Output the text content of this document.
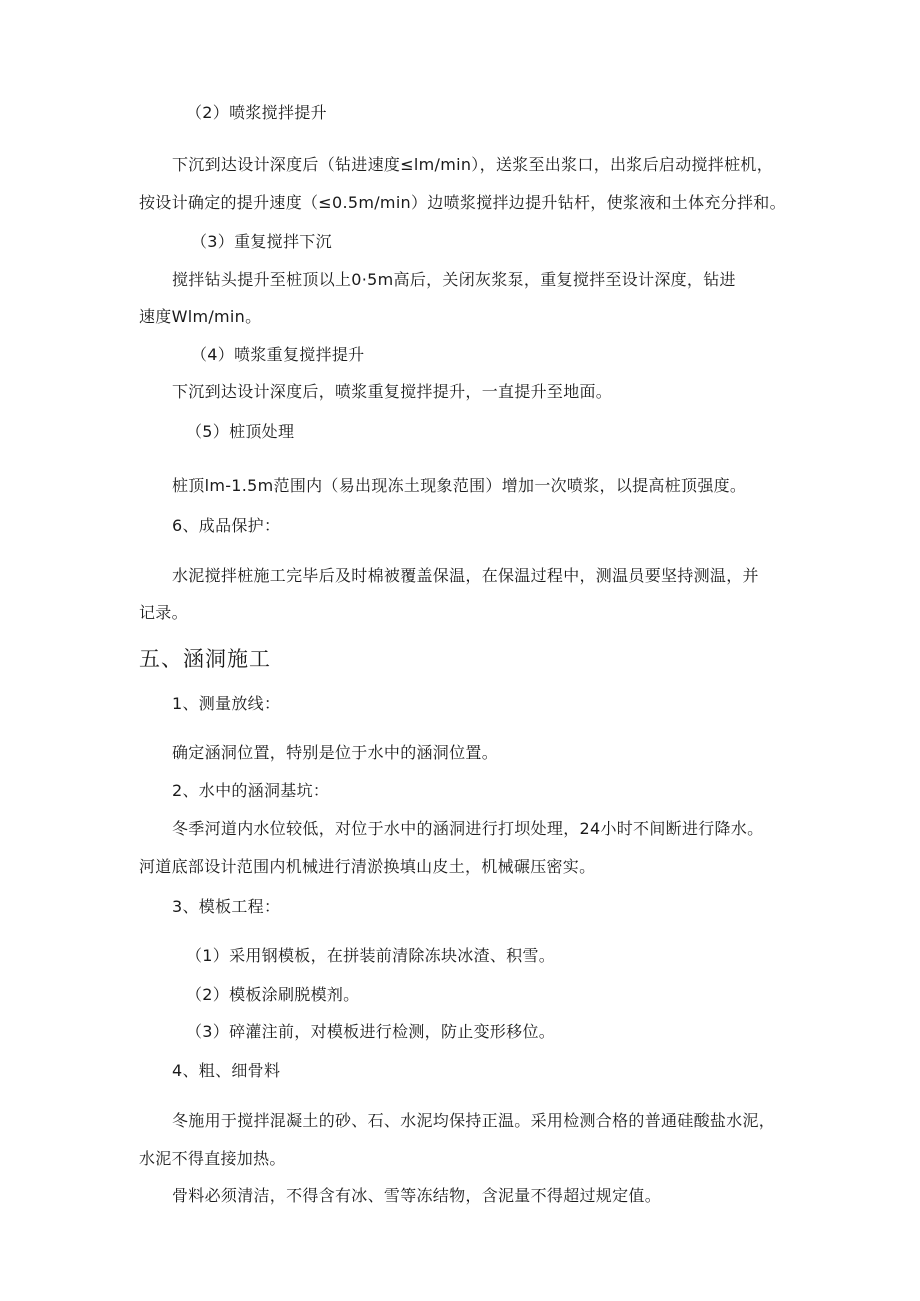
（2）喷浆搅拌提升
下沉到达设计深度后（钻进速度≤lm∕min），送浆至出浆口，出浆后启动搅拌桩机，
按设计确定的提升速度（≤0.5m∕min）边喷浆搅拌边提升钻杆，使浆液和土体充分拌和。
（3）重复搅拌下沉
搅拌钻头提升至桩顶以上0·5m高后，关闭灰浆泵，重复搅拌至设计深度，钻进
速度Wlm/min。
（4）喷浆重复搅拌提升
下沉到达设计深度后，喷浆重复搅拌提升，一直提升至地面。
（5）桩顶处理
桩顶lm-1.5m范围内（易出现冻土现象范围）增加一次喷浆，以提高桩顶强度。
6、成品保护：
水泥搅拌桩施工完毕后及时棉被覆盖保温，在保温过程中，测温员要坚持测温，并
记录。
五、涵洞施工
1、测量放线：
确定涵洞位置，特别是位于水中的涵洞位置。
2、水中的涵洞基坑：
冬季河道内水位较低，对位于水中的涵洞进行打坝处理，24小时不间断进行降水。
河道底部设计范围内机械进行清淤换填山皮土，机械碾压密实。
3、模板工程：
（1）采用钢模板，在拼装前清除冻块冰渣、积雪。
（2）模板涂刷脱模剂。
（3）碎灌注前，对模板进行检测，防止变形移位。
4、粗、细骨料
冬施用于搅拌混凝土的砂、石、水泥均保持正温。采用检测合格的普通硅酸盐水泥，
水泥不得直接加热。
骨料必须清洁，不得含有冰、雪等冻结物，含泥量不得超过规定值。
